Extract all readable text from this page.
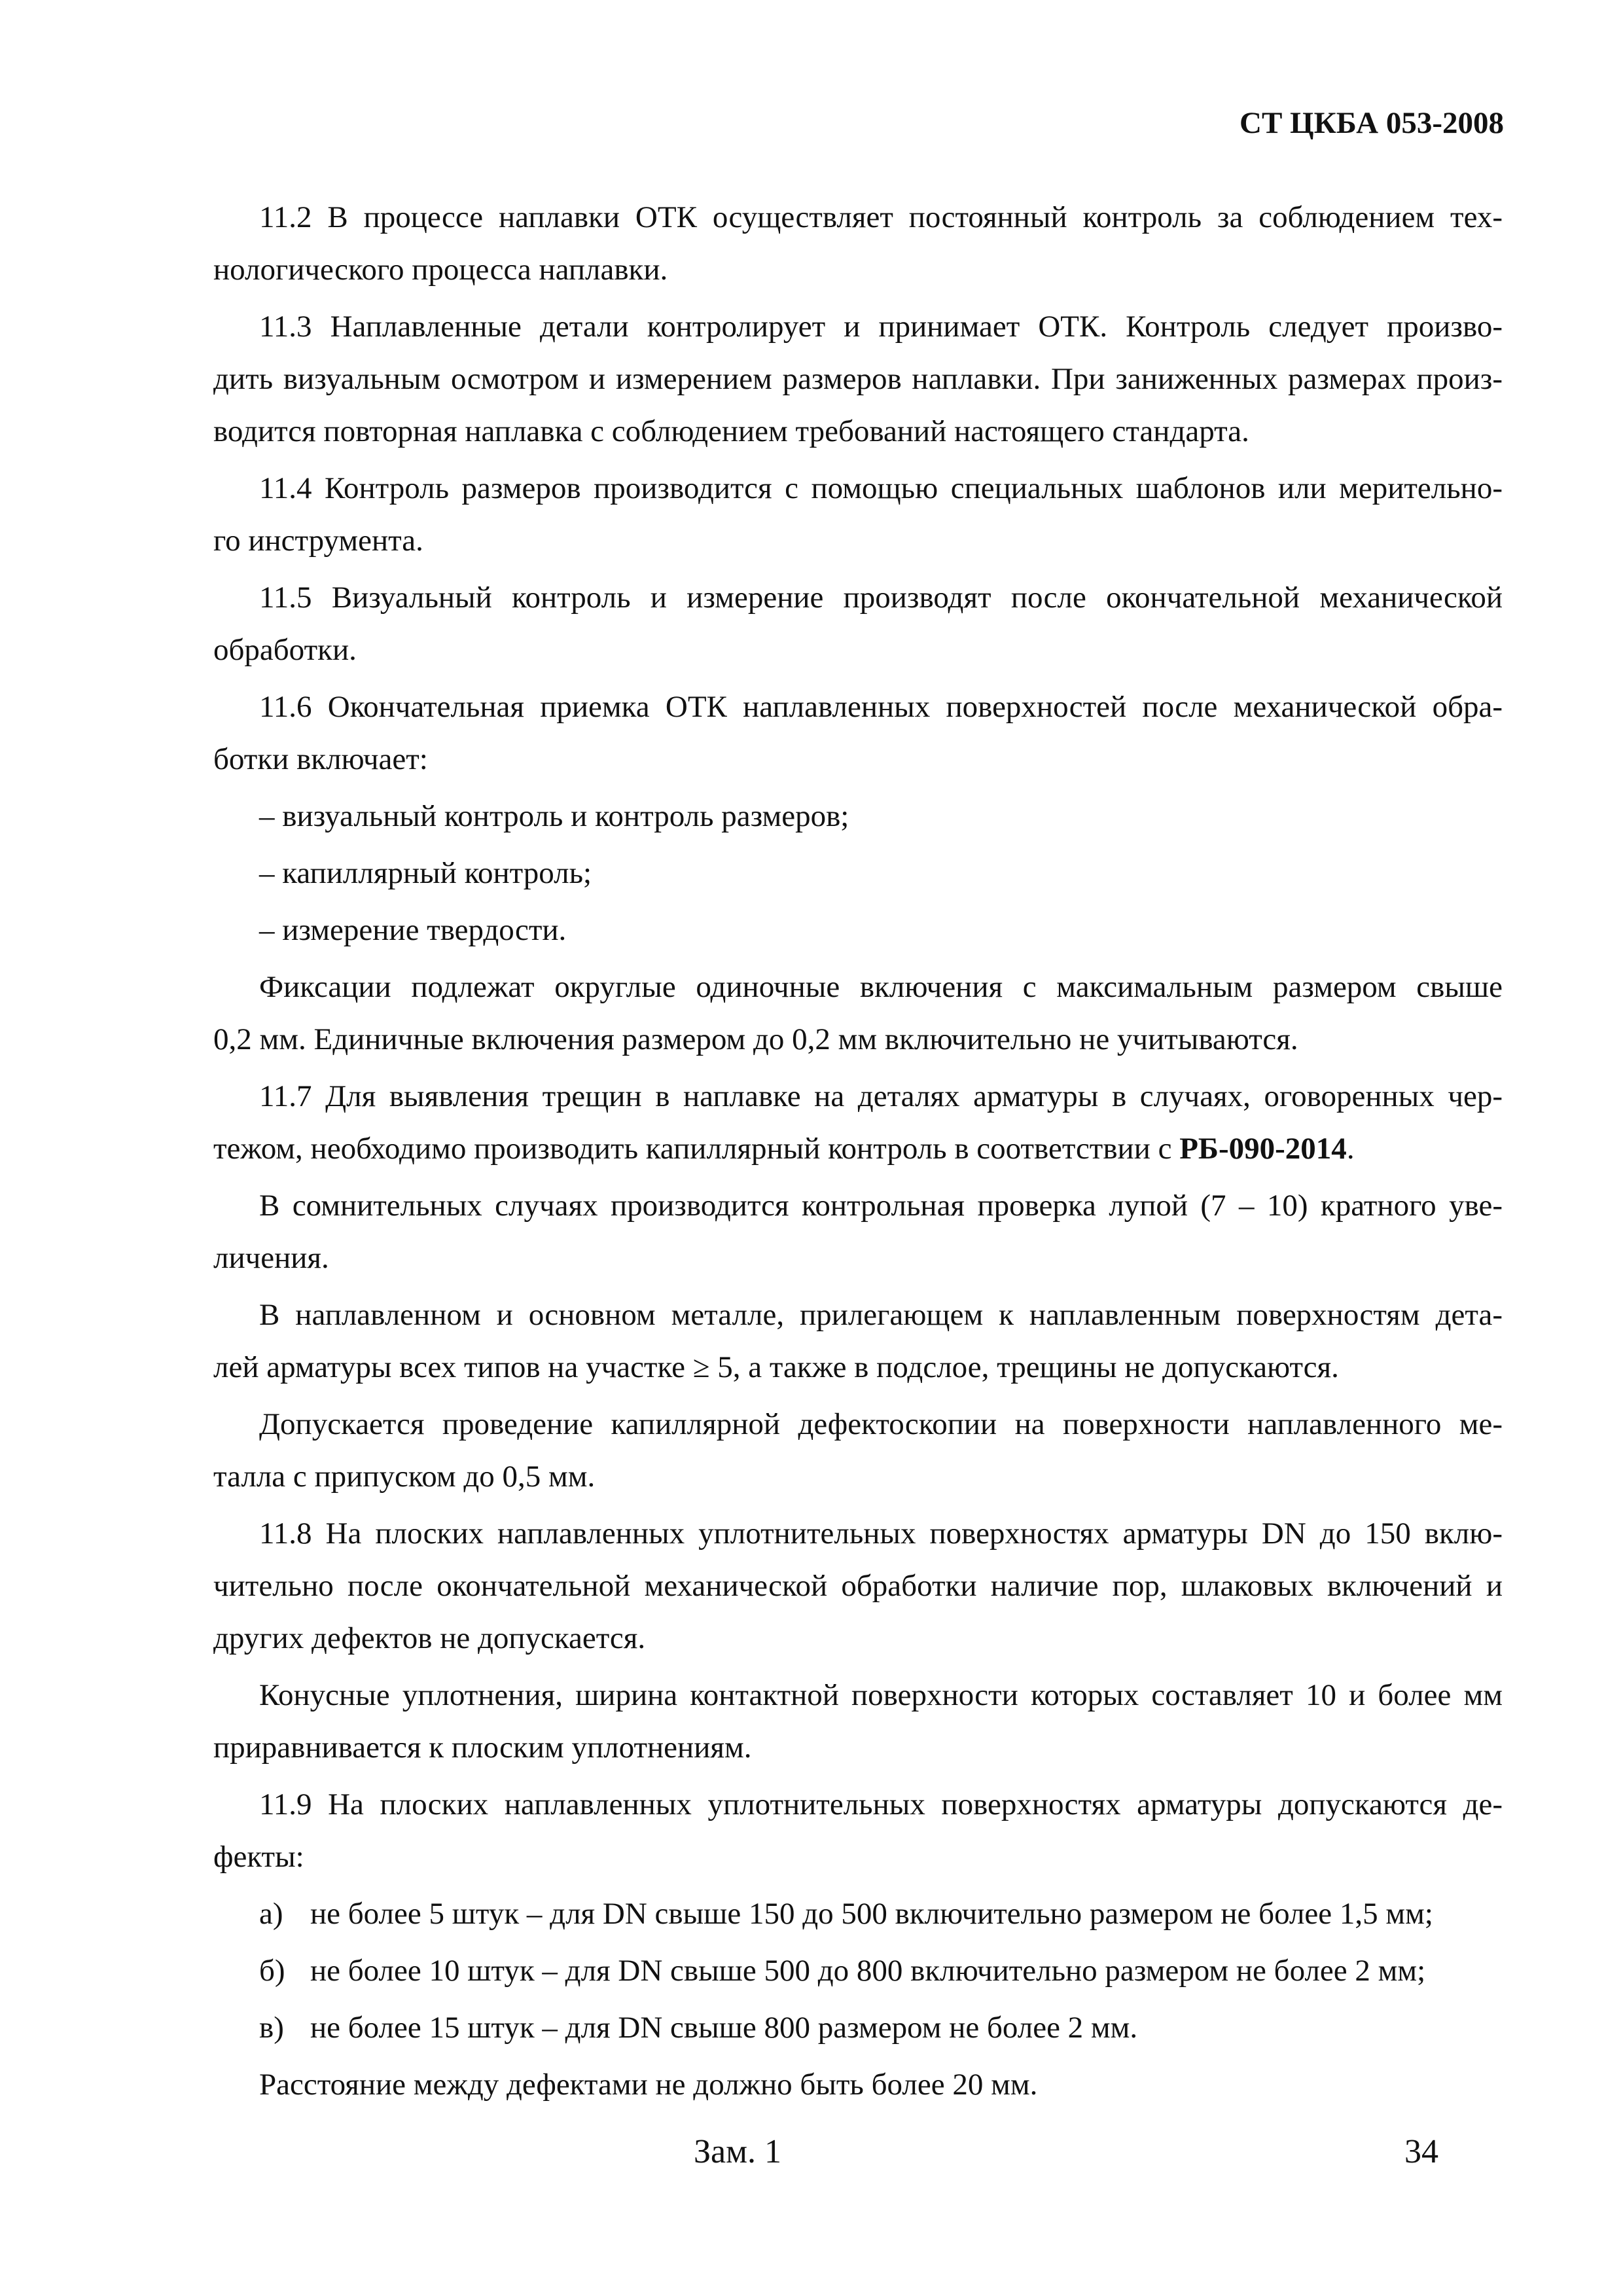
СТ ЦКБА 053-2008
11.2 В процессе наплавки ОТК осуществляет постоянный контроль за соблюдением тех-
нологического процесса наплавки.
11.3 Наплавленные детали контролирует и принимает ОТК. Контроль следует произво-
дить визуальным осмотром и измерением размеров наплавки. При заниженных размерах произ-
водится повторная наплавка с соблюдением требований настоящего стандарта.
11.4 Контроль размеров производится с помощью специальных шаблонов или мерительно-
го инструмента.
11.5 Визуальный контроль и измерение производят после окончательной механической
обработки.
11.6 Окончательная приемка ОТК наплавленных поверхностей после механической обра-
ботки включает:
– визуальный контроль и контроль размеров;
– капиллярный контроль;
– измерение твердости.
Фиксации подлежат округлые одиночные включения с максимальным размером свыше
0,2 мм. Единичные включения размером до 0,2 мм включительно не учитываются.
11.7 Для выявления трещин в наплавке на деталях арматуры в случаях, оговоренных чер-
тежом, необходимо производить капиллярный контроль в соответствии с РБ-090-2014.
В сомнительных случаях производится контрольная проверка лупой (7 – 10) кратного уве-
личения.
В наплавленном и основном металле, прилегающем к наплавленным поверхностям дета-
лей арматуры всех типов на участке ≥ 5, а также в подслое, трещины не допускаются.
Допускается проведение капиллярной дефектоскопии на поверхности наплавленного ме-
талла с припуском до 0,5 мм.
11.8 На плоских наплавленных уплотнительных поверхностях арматуры DN до 150 вклю-
чительно после окончательной механической обработки наличие пор, шлаковых включений и
других дефектов не допускается.
Конусные уплотнения, ширина контактной поверхности которых составляет 10 и более мм
приравнивается к плоским уплотнениям.
11.9 На плоских наплавленных уплотнительных поверхностях арматуры допускаются де-
фекты:
а) не более 5 штук – для DN свыше 150 до 500 включительно размером не более 1,5 мм;
б) не более 10 штук – для DN свыше 500 до 800 включительно размером не более 2 мм;
в) не более 15 штук – для DN свыше 800 размером не более 2 мм.
Расстояние между дефектами не должно быть более 20 мм.
Зам. 1	34
